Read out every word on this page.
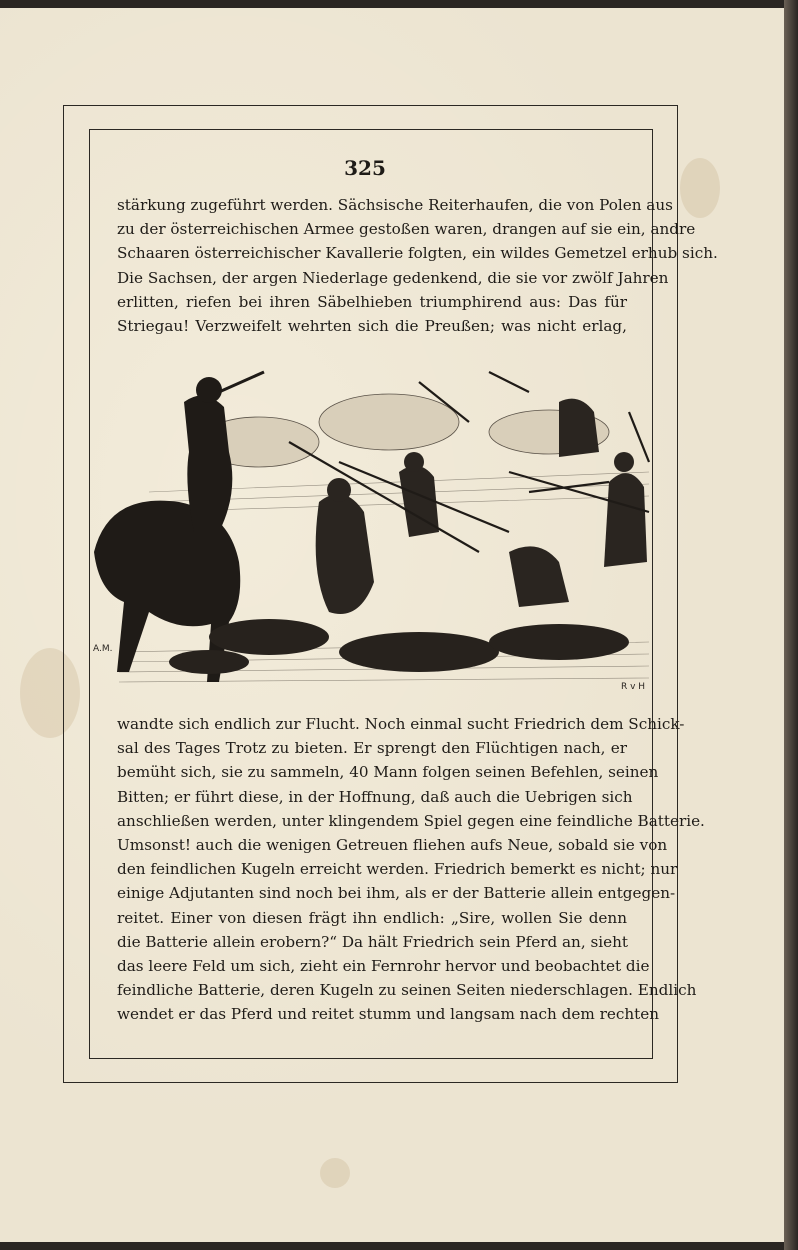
325
stärkung zugeführt werden. Sächsische Reiterhaufen, die von Polen aus
zu der österreichischen Armee gestoßen waren, drangen auf sie ein, andre
Schaaren österreichischer Kavallerie folgten, ein wildes Gemetzel erhub sich.
Die Sachsen, der argen Niederlage gedenkend, die sie vor zwölf Jahren
erlitten, riefen bei ihren Säbelhieben triumphirend aus: Das für
Striegau! Verzweifelt wehrten sich die Preußen; was nicht erlag,
A.M.
R v H
wandte sich endlich zur Flucht. Noch einmal sucht Friedrich dem Schick-
sal des Tages Trotz zu bieten. Er sprengt den Flüchtigen nach, er
bemüht sich, sie zu sammeln, 40 Mann folgen seinen Befehlen, seinen
Bitten; er führt diese, in der Hoffnung, daß auch die Uebrigen sich
anschließen werden, unter klingendem Spiel gegen eine feindliche Batterie.
Umsonst! auch die wenigen Getreuen fliehen aufs Neue, sobald sie von
den feindlichen Kugeln erreicht werden. Friedrich bemerkt es nicht; nur
einige Adjutanten sind noch bei ihm, als er der Batterie allein entgegen-
reitet. Einer von diesen frägt ihn endlich: „Sire, wollen Sie denn
die Batterie allein erobern?“ Da hält Friedrich sein Pferd an, sieht
das leere Feld um sich, zieht ein Fernrohr hervor und beobachtet die
feindliche Batterie, deren Kugeln zu seinen Seiten niederschlagen. Endlich
wendet er das Pferd und reitet stumm und langsam nach dem rechten
